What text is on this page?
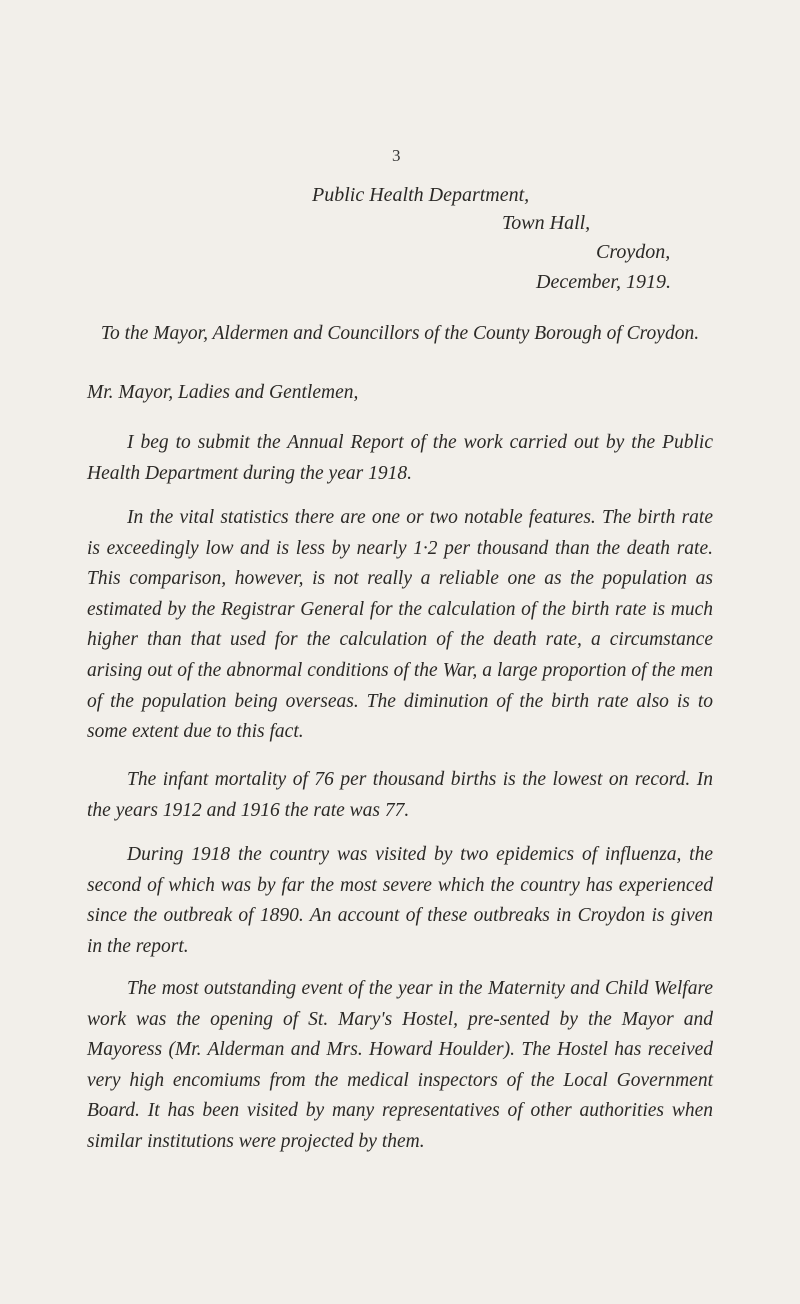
3
Public Health Department,
Town Hall,
Croydon,
December, 1919.
To the Mayor, Aldermen and Councillors of the County Borough of Croydon.
Mr. Mayor, Ladies and Gentlemen,
I beg to submit the Annual Report of the work carried out by the Public Health Department during the year 1918.
In the vital statistics there are one or two notable features. The birth rate is exceedingly low and is less by nearly 1·2 per thousand than the death rate. This comparison, however, is not really a reliable one as the population as estimated by the Registrar General for the calculation of the birth rate is much higher than that used for the calculation of the death rate, a circumstance arising out of the abnormal conditions of the War, a large proportion of the men of the population being overseas. The diminution of the birth rate also is to some extent due to this fact.
The infant mortality of 76 per thousand births is the lowest on record. In the years 1912 and 1916 the rate was 77.
During 1918 the country was visited by two epidemics of influenza, the second of which was by far the most severe which the country has experienced since the outbreak of 1890. An account of these outbreaks in Croydon is given in the report.
The most outstanding event of the year in the Maternity and Child Welfare work was the opening of St. Mary's Hostel, pre-sented by the Mayor and Mayoress (Mr. Alderman and Mrs. Howard Houlder). The Hostel has received very high encomiums from the medical inspectors of the Local Government Board. It has been visited by many representatives of other authorities when similar institutions were projected by them.
